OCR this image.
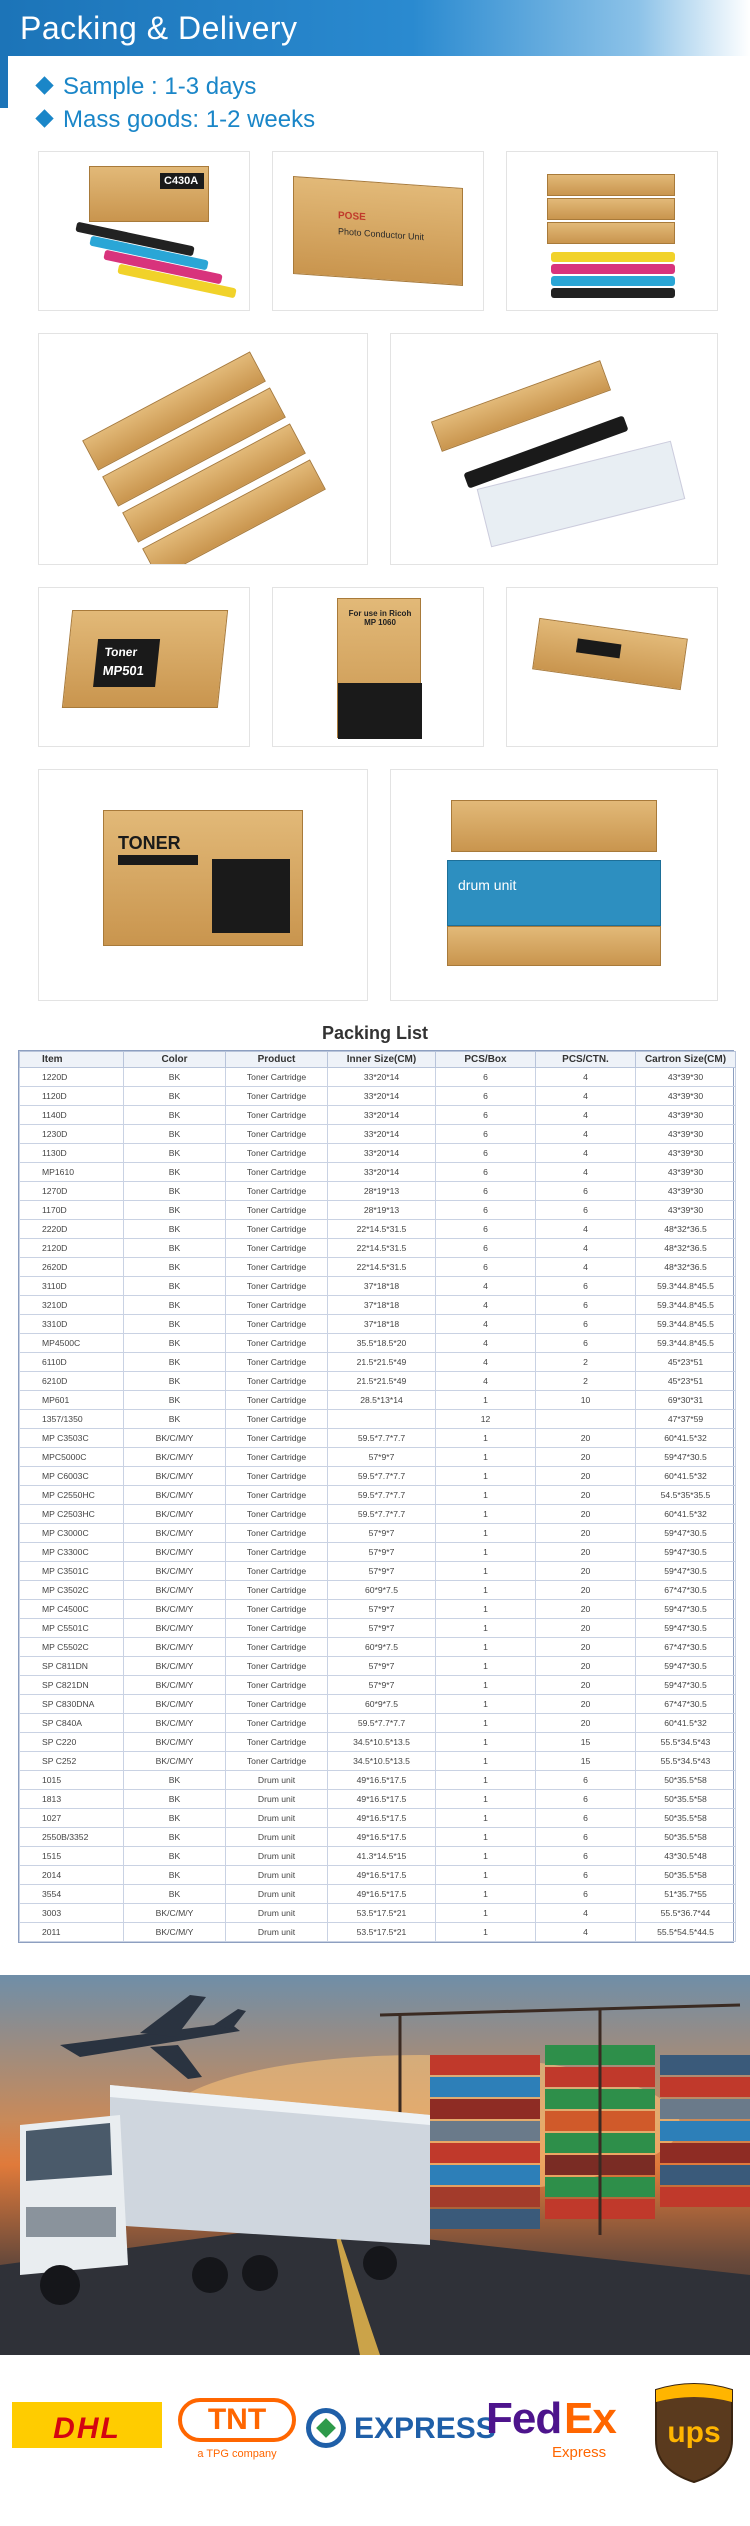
Packing & Delivery
Sample : 1-3 days
Mass goods: 1-2 weeks
C430A
POSE
Photo Conductor Unit
Toner
MP501
For use in Ricoh MP 1060
TONER
drum unit
Packing List
Item	Color	Product	Inner Size(CM)	PCS/Box	PCS/CTN.	Cartron Size(CM)
1220D	BK	Toner Cartridge	33*20*14	6	4	43*39*30
1120D	BK	Toner Cartridge	33*20*14	6	4	43*39*30
1140D	BK	Toner Cartridge	33*20*14	6	4	43*39*30
1230D	BK	Toner Cartridge	33*20*14	6	4	43*39*30
1130D	BK	Toner Cartridge	33*20*14	6	4	43*39*30
MP1610	BK	Toner Cartridge	33*20*14	6	4	43*39*30
1270D	BK	Toner Cartridge	28*19*13	6	6	43*39*30
1170D	BK	Toner Cartridge	28*19*13	6	6	43*39*30
2220D	BK	Toner Cartridge	22*14.5*31.5	6	4	48*32*36.5
2120D	BK	Toner Cartridge	22*14.5*31.5	6	4	48*32*36.5
2620D	BK	Toner Cartridge	22*14.5*31.5	6	4	48*32*36.5
3110D	BK	Toner Cartridge	37*18*18	4	6	59.3*44.8*45.5
3210D	BK	Toner Cartridge	37*18*18	4	6	59.3*44.8*45.5
3310D	BK	Toner Cartridge	37*18*18	4	6	59.3*44.8*45.5
MP4500C	BK	Toner Cartridge	35.5*18.5*20	4	6	59.3*44.8*45.5
6110D	BK	Toner Cartridge	21.5*21.5*49	4	2	45*23*51
6210D	BK	Toner Cartridge	21.5*21.5*49	4	2	45*23*51
MP601	BK	Toner Cartridge	28.5*13*14	1	10	69*30*31
1357/1350	BK	Toner Cartridge		12		47*37*59
MP C3503C	BK/C/M/Y	Toner Cartridge	59.5*7.7*7.7	1	20	60*41.5*32
MPC5000C	BK/C/M/Y	Toner Cartridge	57*9*7	1	20	59*47*30.5
MP C6003C	BK/C/M/Y	Toner Cartridge	59.5*7.7*7.7	1	20	60*41.5*32
MP C2550HC	BK/C/M/Y	Toner Cartridge	59.5*7.7*7.7	1	20	54.5*35*35.5
MP C2503HC	BK/C/M/Y	Toner Cartridge	59.5*7.7*7.7	1	20	60*41.5*32
MP C3000C	BK/C/M/Y	Toner Cartridge	57*9*7	1	20	59*47*30.5
MP C3300C	BK/C/M/Y	Toner Cartridge	57*9*7	1	20	59*47*30.5
MP C3501C	BK/C/M/Y	Toner Cartridge	57*9*7	1	20	59*47*30.5
MP C3502C	BK/C/M/Y	Toner Cartridge	60*9*7.5	1	20	67*47*30.5
MP C4500C	BK/C/M/Y	Toner Cartridge	57*9*7	1	20	59*47*30.5
MP C5501C	BK/C/M/Y	Toner Cartridge	57*9*7	1	20	59*47*30.5
MP C5502C	BK/C/M/Y	Toner Cartridge	60*9*7.5	1	20	67*47*30.5
SP C811DN	BK/C/M/Y	Toner Cartridge	57*9*7	1	20	59*47*30.5
SP C821DN	BK/C/M/Y	Toner Cartridge	57*9*7	1	20	59*47*30.5
SP C830DNA	BK/C/M/Y	Toner Cartridge	60*9*7.5	1	20	67*47*30.5
SP C840A	BK/C/M/Y	Toner Cartridge	59.5*7.7*7.7	1	20	60*41.5*32
SP C220	BK/C/M/Y	Toner Cartridge	34.5*10.5*13.5	1	15	55.5*34.5*43
SP C252	BK/C/M/Y	Toner Cartridge	34.5*10.5*13.5	1	15	55.5*34.5*43
1015	BK	Drum unit	49*16.5*17.5	1	6	50*35.5*58
1813	BK	Drum unit	49*16.5*17.5	1	6	50*35.5*58
1027	BK	Drum unit	49*16.5*17.5	1	6	50*35.5*58
2550B/3352	BK	Drum unit	49*16.5*17.5	1	6	50*35.5*58
1515	BK	Drum unit	41.3*14.5*15	1	6	43*30.5*48
2014	BK	Drum unit	49*16.5*17.5	1	6	50*35.5*58
3554	BK	Drum unit	49*16.5*17.5	1	6	51*35.7*55
3003	BK/C/M/Y	Drum unit	53.5*17.5*21	1	4	55.5*36.7*44
2011	BK/C/M/Y	Drum unit	53.5*17.5*21	1	4	55.5*54.5*44.5
DHL	TNT
a TPG company
EXPRESS
Fed Ex
Express
ups
